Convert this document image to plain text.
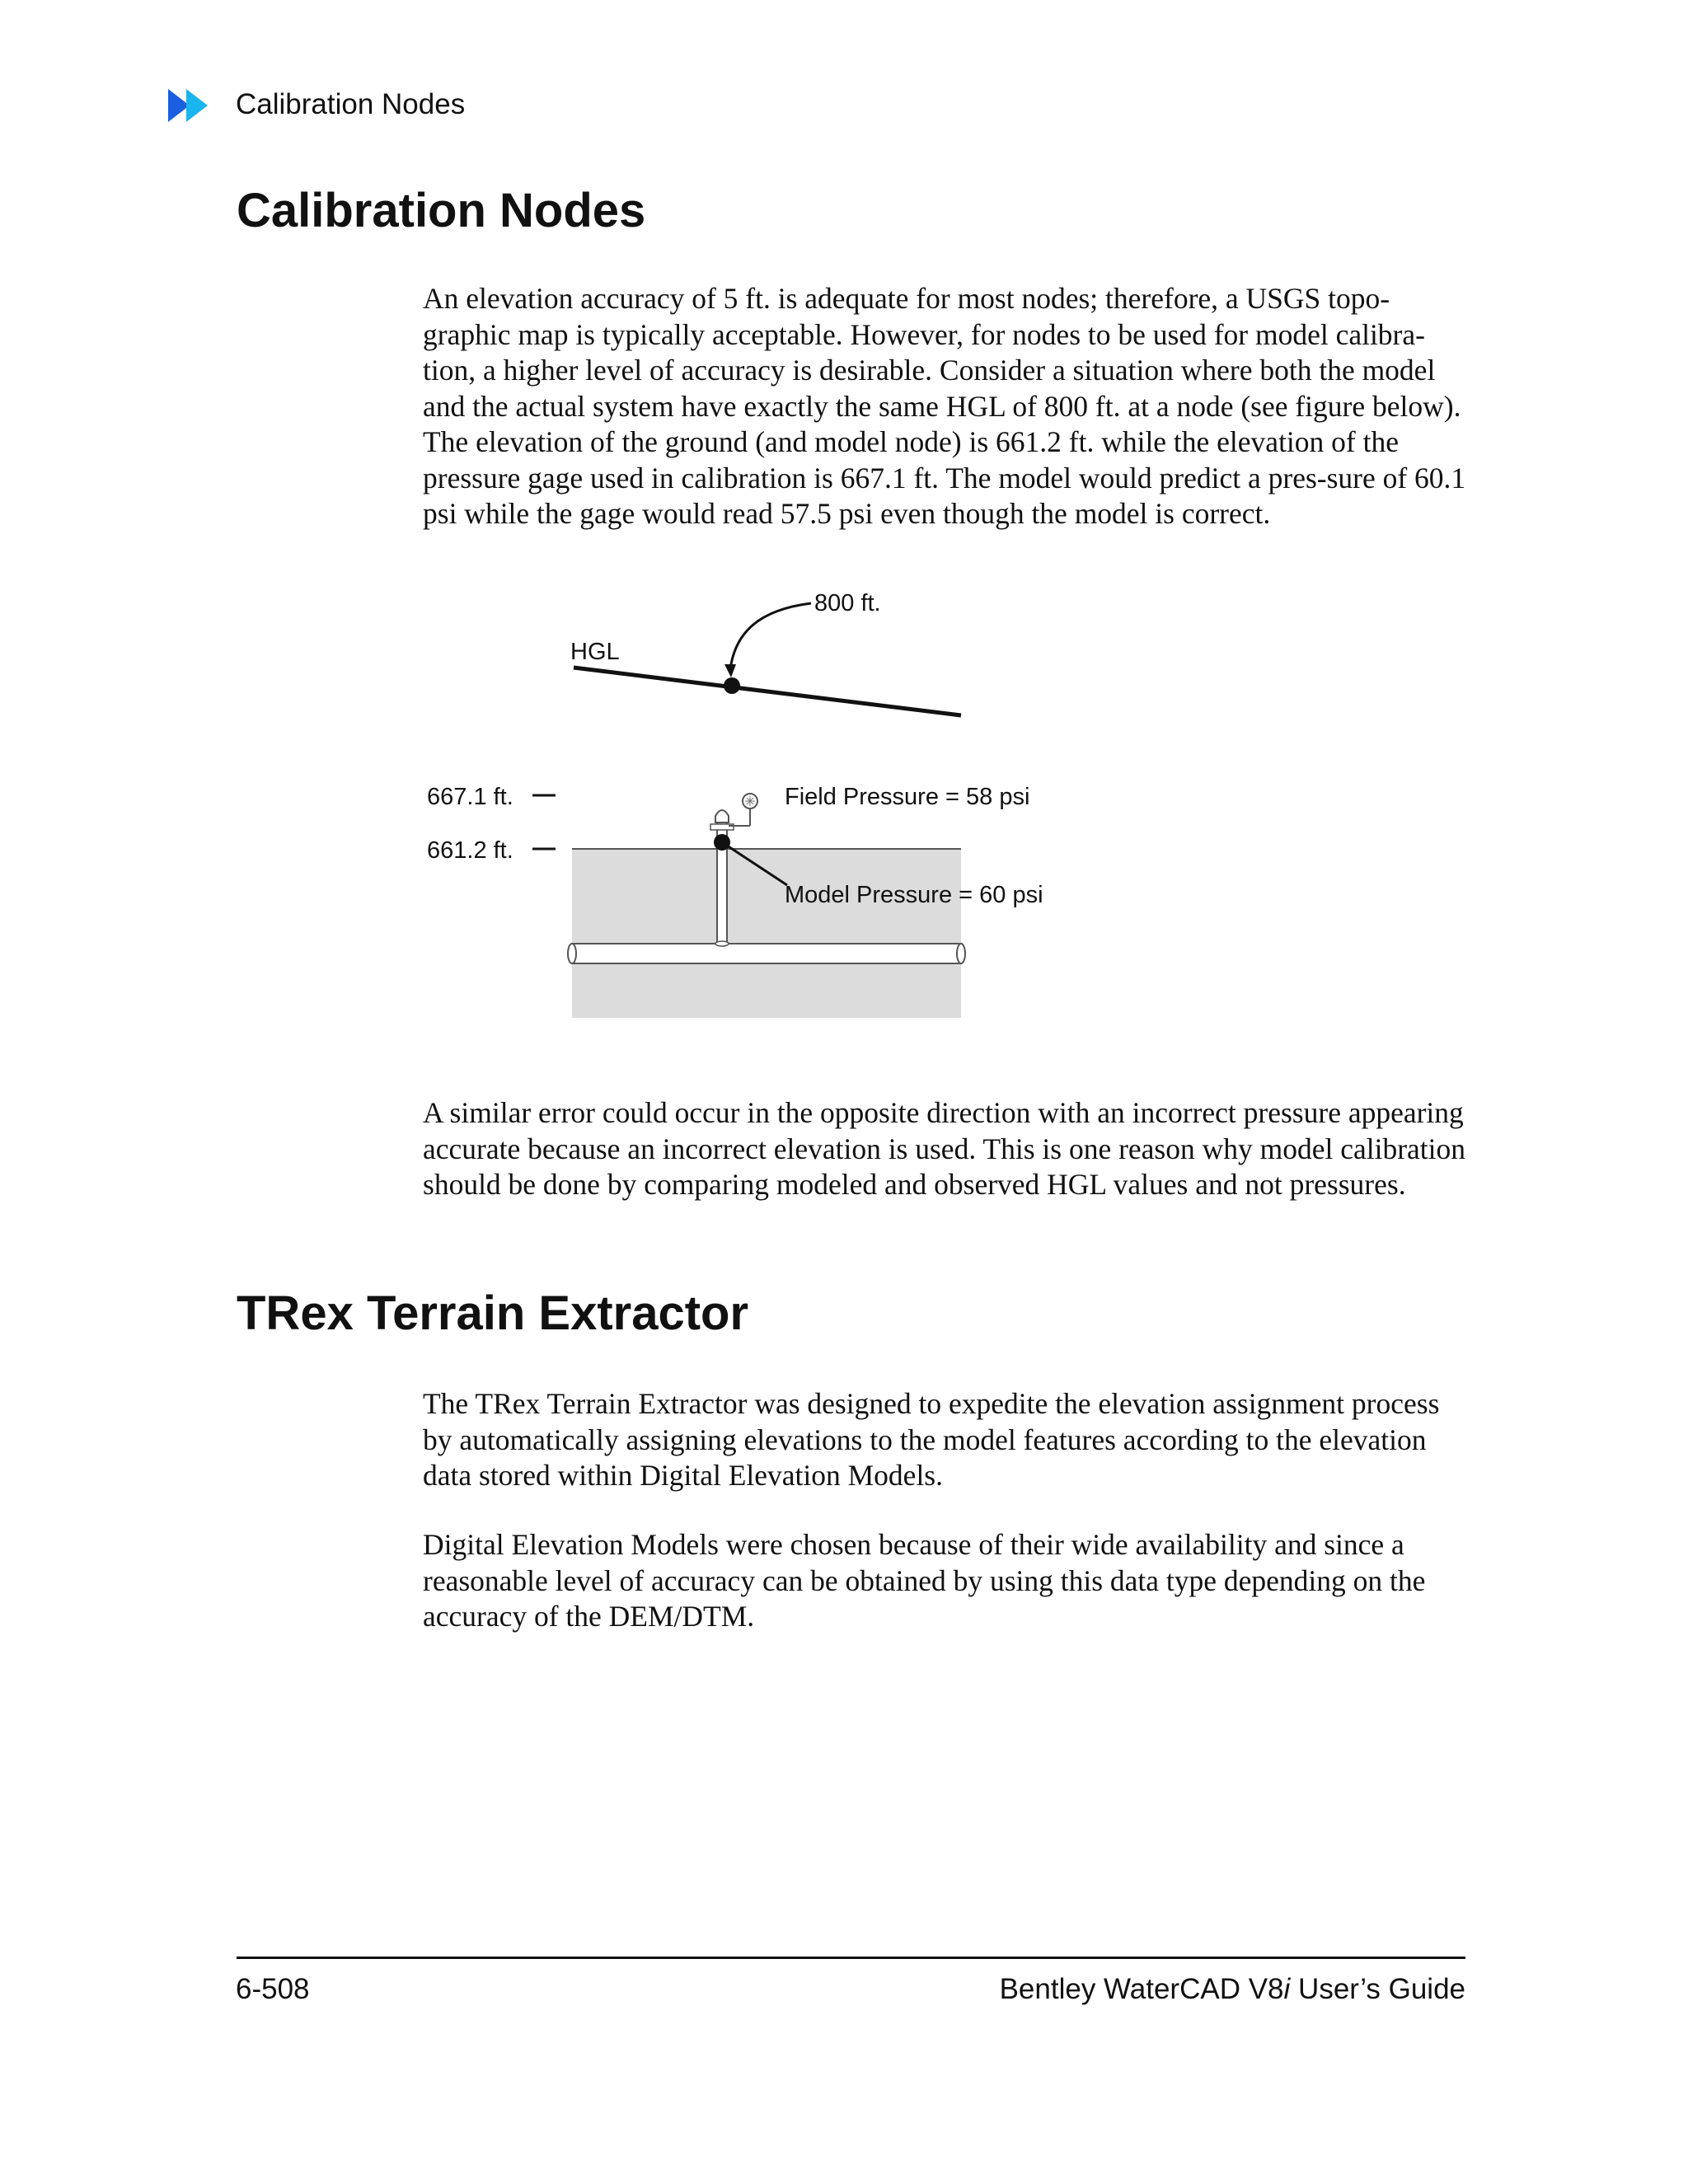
Calibration Nodes
Calibration Nodes

An elevation accuracy of 5 ft. is adequate for most nodes; therefore, a USGS topo-graphic map is typically acceptable. However, for nodes to be used for model calibra-tion, a higher level of accuracy is desirable. Consider a situation where both the model and the actual system have exactly the same HGL of 800 ft. at a node (see figure below). The elevation of the ground (and model node) is 661.2 ft. while the elevation of the pressure gage used in calibration is 667.1 ft. The model would predict a pres-sure of 60.1 psi while the gage would read 57.5 psi even though the model is correct.

800 ft.
HGL
667.1 ft.
661.2 ft.
Field Pressure = 58 psi
Model Pressure = 60 psi

A similar error could occur in the opposite direction with an incorrect pressure appearing accurate because an incorrect elevation is used. This is one reason why model calibration should be done by comparing modeled and observed HGL values and not pressures.

TRex Terrain Extractor

The TRex Terrain Extractor was designed to expedite the elevation assignment process by automatically assigning elevations to the model features according to the elevation data stored within Digital Elevation Models.

Digital Elevation Models were chosen because of their wide availability and since a reasonable level of accuracy can be obtained by using this data type depending on the accuracy of the DEM/DTM.

6-508	Bentley WaterCAD V8i User’s Guide
